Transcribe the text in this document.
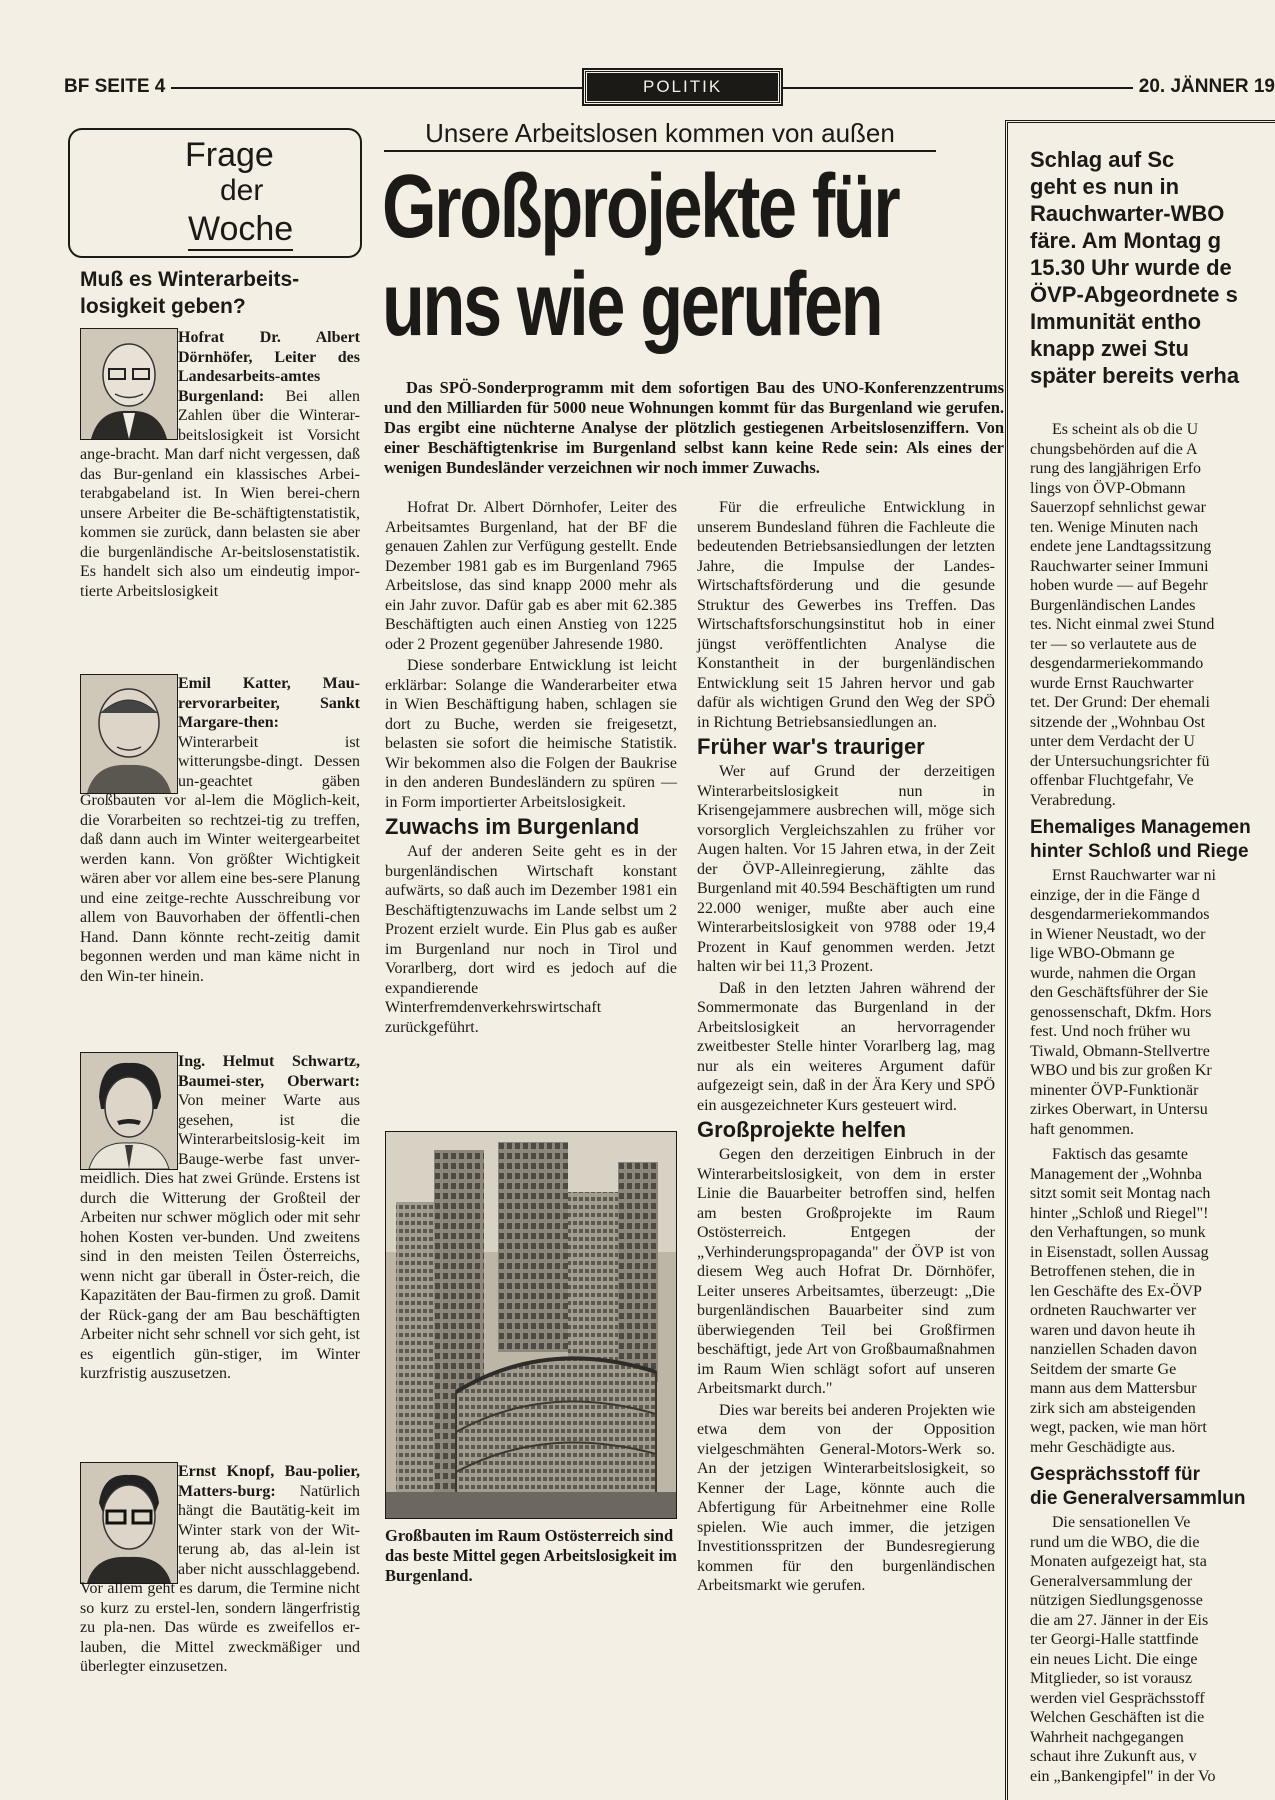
BF SEITE 4	POLITIK	20. JÄNNER 19
Frage
der
Woche
Muß es Winterarbeits-losigkeit geben?
Hofrat Dr. Albert Dörnhöfer, Leiter des Landesarbeits-amtes Burgenland: Bei allen Zahlen über die Winterar-beitslosigkeit ist Vorsicht ange-bracht. Man darf nicht vergessen, daß das Bur-genland ein klassisches Arbei-terabgabeland ist. In Wien berei-chern unsere Arbeiter die Be-schäftigtenstatistik, kommen sie zurück, dann belasten sie aber die burgenländische Ar-beitslosenstatistik. Es handelt sich also um eindeutig impor-tierte Arbeitslosigkeit
Emil Katter, Mau-rervorarbeiter, Sankt Margare-then: Winterarbeit ist witterungsbe-dingt. Dessen un-geachtet gäben Großbauten vor al-lem die Möglich-keit, die Vorarbeiten so rechtzei-tig zu treffen, daß dann auch im Winter weitergearbeitet werden kann. Von größter Wichtigkeit wären aber vor allem eine bes-sere Planung und eine zeitge-rechte Ausschreibung vor allem von Bauvorhaben der öffentli-chen Hand. Dann könnte recht-zeitig damit begonnen werden und man käme nicht in den Win-ter hinein.
Ing. Helmut Schwartz, Baumei-ster, Oberwart: Von meiner Warte aus gesehen, ist die Winterarbeitslosig-keit im Bauge-werbe fast unver-meidlich. Dies hat zwei Gründe. Erstens ist durch die Witterung der Großteil der Arbeiten nur schwer möglich oder mit sehr hohen Kosten ver-bunden. Und zweitens sind in den meisten Teilen Österreichs, wenn nicht gar überall in Öster-reich, die Kapazitäten der Bau-firmen zu groß. Damit der Rück-gang der am Bau beschäftigten Arbeiter nicht sehr schnell vor sich geht, ist es eigentlich gün-stiger, im Winter kurzfristig auszusetzen.
Ernst Knopf, Bau-polier, Matters-burg: Natürlich hängt die Bautätig-keit im Winter stark von der Wit-terung ab, das al-lein ist aber nicht ausschlaggebend. Vor allem geht es darum, die Termine nicht so kurz zu erstel-len, sondern längerfristig zu pla-nen. Das würde es zweifellos er-lauben, die Mittel zweckmäßiger und überlegter einzusetzen.
Unsere Arbeitslosen kommen von außen
Großprojekte für
uns wie gerufen

Das SPÖ-Sonderprogramm mit dem sofortigen Bau des UNO-Konferenzzentrums und den Milliarden für 5000 neue Wohnungen kommt für das Burgenland wie gerufen. Das ergibt eine nüchterne Analyse der plötzlich gestiegenen Arbeitslosenziffern. Von einer Beschäftigtenkrise im Burgenland selbst kann keine Rede sein: Als eines der wenigen Bundesländer verzeichnen wir noch immer Zuwachs.

Hofrat Dr. Albert Dörnhofer, Leiter des Arbeitsamtes Burgenland, hat der BF die genauen Zahlen zur Verfügung gestellt. Ende Dezember 1981 gab es im Burgenland 7965 Arbeitslose, das sind knapp 2000 mehr als ein Jahr zuvor. Dafür gab es aber mit 62.385 Beschäftigten auch einen Anstieg von 1225 oder 2 Prozent gegenüber Jahresende 1980.

Diese sonderbare Entwicklung ist leicht erklärbar: Solange die Wanderarbeiter etwa in Wien Beschäftigung haben, schlagen sie dort zu Buche, werden sie freigesetzt, belasten sie sofort die heimische Statistik. Wir bekommen also die Folgen der Baukrise in den anderen Bundesländern zu spüren — in Form importierter Arbeitslosigkeit.

Zuwachs im Burgenland

Auf der anderen Seite geht es in der burgenländischen Wirtschaft konstant aufwärts, so daß auch im Dezember 1981 ein Beschäftigtenzuwachs im Lande selbst um 2 Prozent erzielt wurde. Ein Plus gab es außer im Burgenland nur noch in Tirol und Vorarlberg, dort wird es jedoch auf die expandierende Winterfremdenverkehrswirtschaft zurückgeführt.

Großbauten im Raum Ostösterreich sind das beste Mittel gegen Arbeitslosigkeit im Burgenland.

Für die erfreuliche Entwicklung in unserem Bundesland führen die Fachleute die bedeutenden Betriebsansiedlungen der letzten Jahre, die Impulse der Landes-Wirtschaftsförderung und die gesunde Struktur des Gewerbes ins Treffen. Das Wirtschaftsforschungsinstitut hob in einer jüngst veröffentlichten Analyse die Konstantheit in der burgenländischen Entwicklung seit 15 Jahren hervor und gab dafür als wichtigen Grund den Weg der SPÖ in Richtung Betriebsansiedlungen an.

Früher war's trauriger

Wer auf Grund der derzeitigen Winterarbeitslosigkeit nun in Krisengejammere ausbrechen will, möge sich vorsorglich Vergleichszahlen zu früher vor Augen halten. Vor 15 Jahren etwa, in der Zeit der ÖVP-Alleinregierung, zählte das Burgenland mit 40.594 Beschäftigten um rund 22.000 weniger, mußte aber auch eine Winterarbeitslosigkeit von 9788 oder 19,4 Prozent in Kauf genommen werden. Jetzt halten wir bei 11,3 Prozent.

Daß in den letzten Jahren während der Sommermonate das Burgenland in der Arbeitslosigkeit an hervorragender zweitbester Stelle hinter Vorarlberg lag, mag nur als ein weiteres Argument dafür aufgezeigt sein, daß in der Ära Kery und SPÖ ein ausgezeichneter Kurs gesteuert wird.

Großprojekte helfen

Gegen den derzeitigen Einbruch in der Winterarbeitslosigkeit, von dem in erster Linie die Bauarbeiter betroffen sind, helfen am besten Großprojekte im Raum Ostösterreich. Entgegen der „Verhinderungspropaganda" der ÖVP ist von diesem Weg auch Hofrat Dr. Dörnhöfer, Leiter unseres Arbeitsamtes, überzeugt: „Die burgenländischen Bauarbeiter sind zum überwiegenden Teil bei Großfirmen beschäftigt, jede Art von Großbaumaßnahmen im Raum Wien schlägt sofort auf unseren Arbeitsmarkt durch."

Dies war bereits bei anderen Projekten wie etwa dem von der Opposition vielgeschmähten General-Motors-Werk so. An der jetzigen Winterarbeitslosigkeit, so Kenner der Lage, könnte auch die Abfertigung für Arbeitnehmer eine Rolle spielen. Wie auch immer, die jetzigen Investitionsspritzen der Bundesregierung kommen für den burgenländischen Arbeitsmarkt wie gerufen.

Schlag auf Sc
geht es nun in
Rauchwarter-WBO
färe. Am Montag g
15.30 Uhr wurde de
ÖVP-Abgeordnete s
Immunität entho
knapp zwei Stu
später bereits verha
Es scheint als ob die U
chungsbehörden auf die A
rung des langjährigen Erfo
lings von ÖVP-Obmann
Sauerzopf sehnlichst gewar
ten. Wenige Minuten nach
endete jene Landtagssitzung
Rauchwarter seiner Immuni
hoben wurde — auf Begehr
Burgenländischen Landes
tes. Nicht einmal zwei Stund
ter — so verlautete aus de
desgendarmeriekommando
wurde Ernst Rauchwarter
tet. Der Grund: Der ehemali
sitzende der „Wohnbau Ost
unter dem Verdacht der U
der Untersuchungsrichter fü
offenbar Fluchtgefahr, Ve
Verabredung.
Ehemaliges Managemen
hinter Schloß und Riege
Ernst Rauchwarter war ni
einzige, der in die Fänge d
desgendarmeriekommandos
in Wiener Neustadt, wo der
lige WBO-Obmann ge
wurde, nahmen die Organ
den Geschäftsführer der Sie
genossenschaft, Dkfm. Hors
fest. Und noch früher wu
Tiwald, Obmann-Stellvertre
WBO und bis zur großen Kr
minenter ÖVP-Funktionär
zirkes Oberwart, in Untersu
haft genommen.
Faktisch das gesamte
Management der „Wohnba
sitzt somit seit Montag nach
hinter „Schloß und Riegel"!
den Verhaftungen, so munk
in Eisenstadt, sollen Aussag
Betroffenen stehen, die in
len Geschäfte des Ex-ÖVP
ordneten Rauchwarter ver
waren und davon heute ih
nanziellen Schaden davon
Seitdem der smarte Ge
mann aus dem Mattersbur
zirk sich am absteigenden
wegt, packen, wie man hört
mehr Geschädigte aus.
Gesprächsstoff für
die Generalversammlun
Die sensationellen Ve
rund um die WBO, die die
Monaten aufgezeigt hat, sta
Generalversammlung der
nützigen Siedlungsgenosse
die am 27. Jänner in der Eis
ter Georgi-Halle stattfinde
ein neues Licht. Die einge
Mitglieder, so ist vorausz
werden viel Gesprächsstoff
Welchen Geschäften ist die
Wahrheit nachgegangen
schaut ihre Zukunft aus, v
ein „Bankengipfel" in der Vo
